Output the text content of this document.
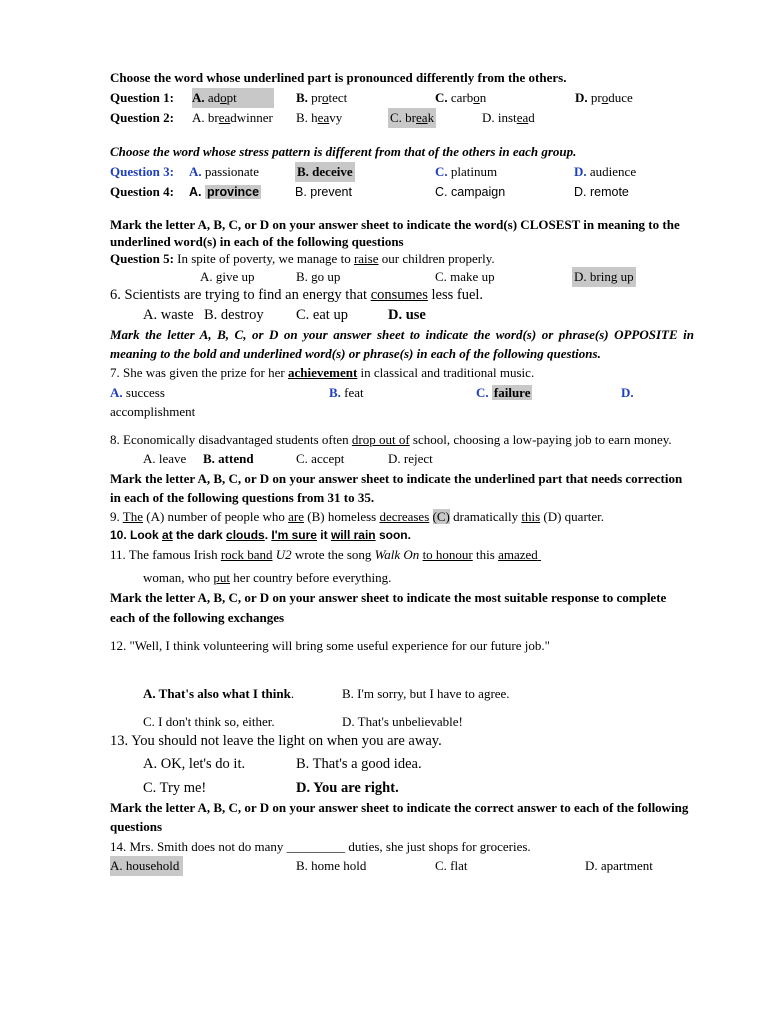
Choose the word whose underlined part is pronounced differently from the others.

Question 1: A. adopt	B. protect	C. carbon	D. produce
Question 2: A. breadwinner B. heavy	C. break	D. instead

Choose the word whose stress pattern is different from that of the others in each group.

Question 3: A. passionate	B. deceive	C. platinum	D. audience
Question 4: A. province	B. prevent	C. campaign	D. remote

Mark the letter A, B, C, or D on your answer sheet to indicate the word(s) CLOSEST in meaning to the underlined word(s) in each of the following questions

Question 5: In spite of poverty, we manage to raise our children properly.

A. give up	B. go up	C. make up	D. bring up

6. Scientists are trying to find an energy that consumes less fuel.

A. waste B. destroy C. eat up	D. use

Mark the letter A, B, C, or D on your answer sheet to indicate the word(s) or phrase(s) OPPOSITE in meaning to the bold and underlined word(s) or phrase(s) in each of the following questions.

7. She was given the prize for her achievement in classical and traditional music.

A. success	B. feat	C. failure	D.

accomplishment

8. Economically disadvantaged students often drop out of school, choosing a low-paying job to earn money.

A. leave B. attend	C. accept	D. reject

Mark the letter A, B, C, or D on your answer sheet to indicate the underlined part that needs correction in each of the following questions from 31 to 35.

9. The (A) number of people who are (B) homeless decreases (C) dramatically this (D) quarter.

10. Look at the dark clouds. I'm sure it will rain soon.

11. The famous Irish rock band U2 wrote the song Walk On to honour this amazed

woman, who put her country before everything.

Mark the letter A, B, C, or D on your answer sheet to indicate the most suitable response to complete each of the following exchanges

12. "Well, I think volunteering will bring some useful experience for our future job."

A. That's also what I think.	B. I'm sorry, but I have to agree.
C. I don't think so, either.	D. That's unbelievable!

13. You should not leave the light on when you are away.

A. OK, let's do it.	B. That's a good idea.
C. Try me!	D. You are right.

Mark the letter A, B, C, or D on your answer sheet to indicate the correct answer to each of the following questions

14. Mrs. Smith does not do many _________ duties, she just shops for groceries.

A. household	B. home hold	C. flat	D. apartment
